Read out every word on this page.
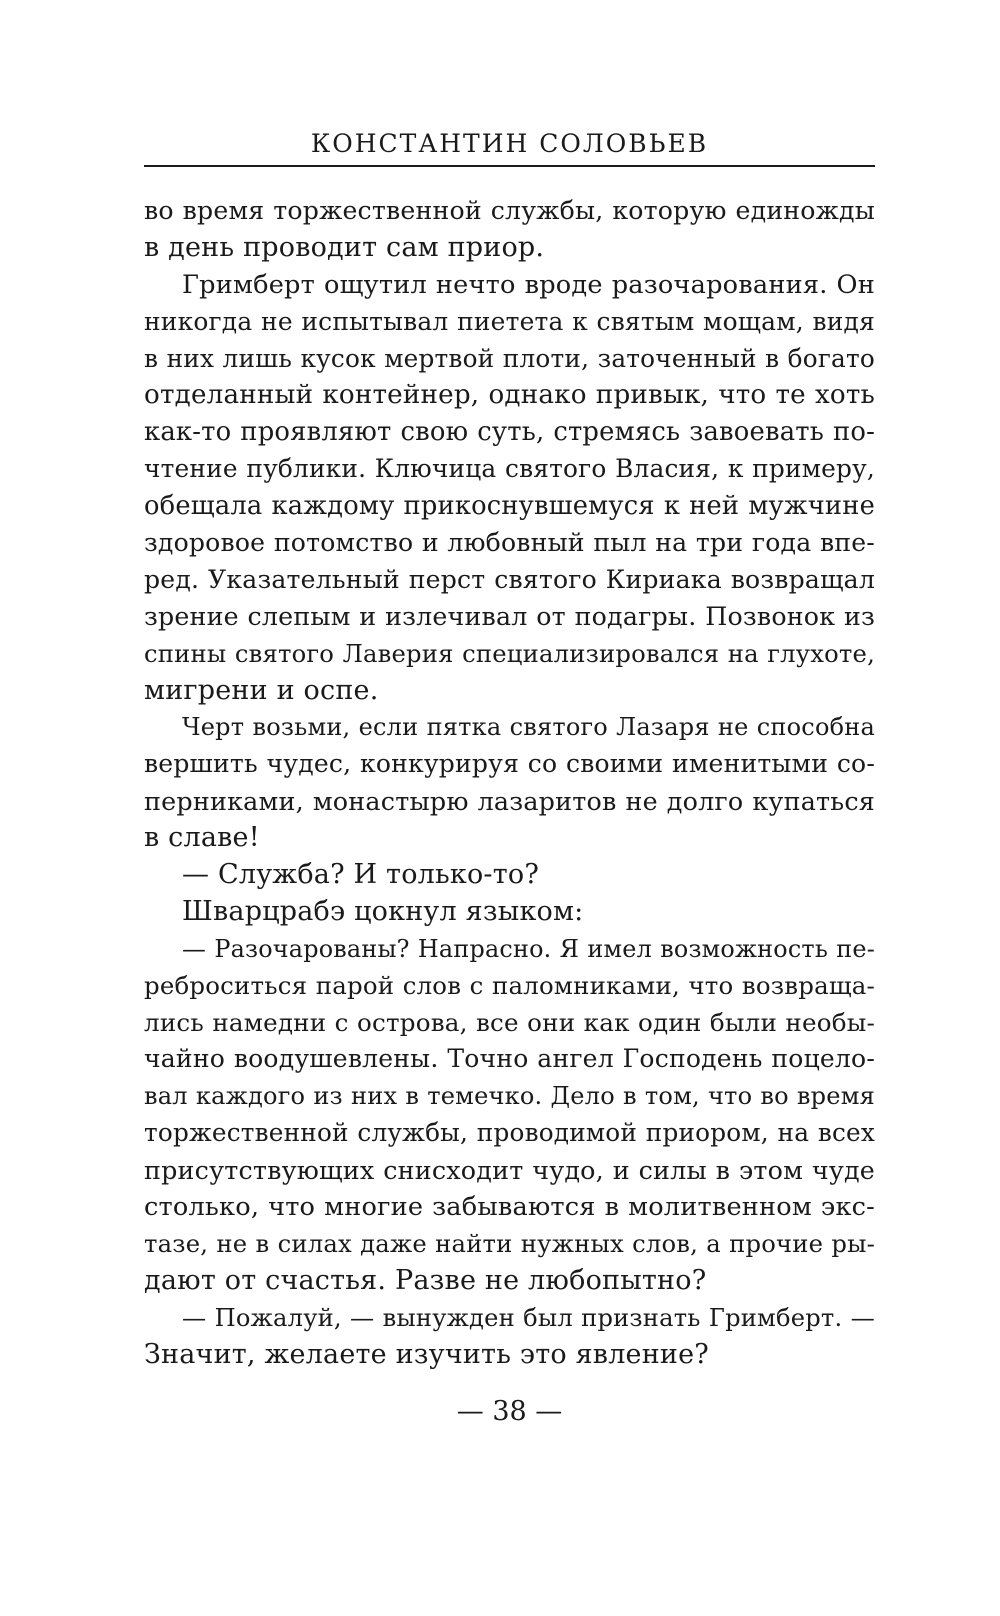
КОНСТАНТИН СОЛОВЬЕВ
во время торжественной службы, которую единожды
в день проводит сам приор.
Гримберт ощутил нечто вроде разочарования. Он
никогда не испытывал пиетета к святым мощам, видя
в них лишь кусок мертвой плоти, заточенный в богато
отделанный контейнер, однако привык, что те хоть
как-то проявляют свою суть, стремясь завоевать по-
чтение публики. Ключица святого Власия, к примеру,
обещала каждому прикоснувшемуся к ней мужчине
здоровое потомство и любовный пыл на три года впе-
ред. Указательный перст святого Кириака возвращал
зрение слепым и излечивал от подагры. Позвонок из
спины святого Лаверия специализировался на глухоте,
мигрени и оспе.
Черт возьми, если пятка святого Лазаря не способна
вершить чудес, конкурируя со своими именитыми со-
перниками, монастырю лазаритов не долго купаться
в славе!
— Служба? И только-то?
Шварцрабэ цокнул языком:
— Разочарованы? Напрасно. Я имел возможность пе-
реброситься парой слов с паломниками, что возвраща-
лись намедни с острова, все они как один были необы-
чайно воодушевлены. Точно ангел Господень поцело-
вал каждого из них в темечко. Дело в том, что во время
торжественной службы, проводимой приором, на всех
присутствующих снисходит чудо, и силы в этом чуде
столько, что многие забываются в молитвенном экс-
тазе, не в силах даже найти нужных слов, а прочие ры-
дают от счастья. Разве не любопытно?
— Пожалуй, — вынужден был признать Гримберт. —
Значит, желаете изучить это явление?
— 38 —
